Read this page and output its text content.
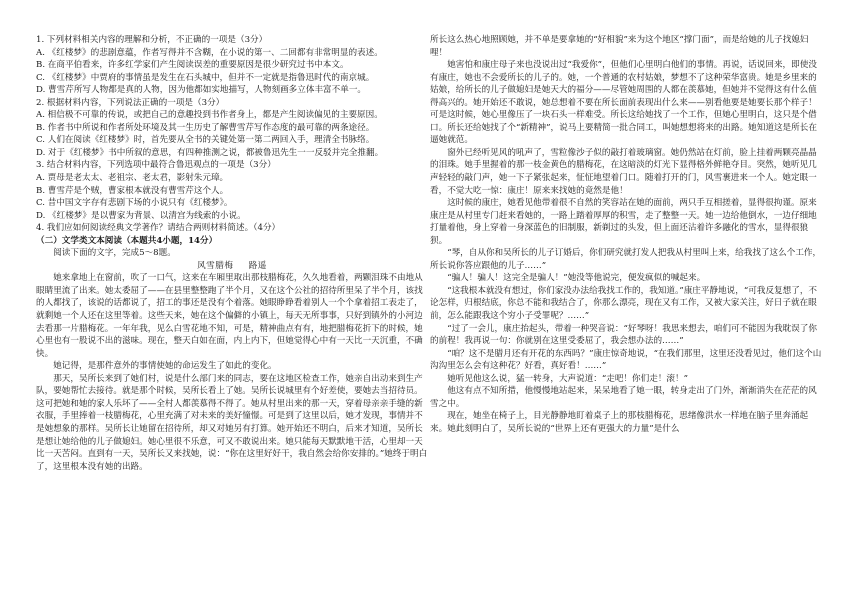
1. 下列材料相关内容的理解和分析，不正确的一项是（3分）

A. 《红楼梦》的悲剧意蕴，作者写得并不含糊，在小说的第一、二回都有非常明显的表述。

B. 在商平伯看来，许多红学家们产生阅读误差的重要原因是很少研究过书中本文。

C. 《红楼梦》中贾府的事情虽是发生在石头城中，但并不一定就是指鲁迅时代的南京城。

D. 曹雪芹所写人物都是真的人物，因为他都如实地描写，人物刻画多立体丰富不单一。

2. 根据材料内容，下列说法正确的一项是（3分）

A. 相信极不可靠的传说，或把自己的意趣投到书作者身上，都是产生阅读偏见的主要原因。

B. 作者书中所说和作者所处环境及其一生历史了解曹雪芹写作态度的最可靠的两条途径。

C. 人们在阅读《红楼梦》时，首先要从全书的关键处第一第二两回入手，理清全书脉络。

D. 对于《红楼梦》书中所叙的意思，有四种推测之说，都被鲁迅先生一一反驳并完全推翻。

3. 结合材料内容，下列选项中最符合鲁迅观点的一项是（3分）

A. 贾母是老太太、老祖宗、老太君，影射朱元璋。

B. 曹雪芹是个贼，曹家根本就没有曹雪芹这个人。

C. 昔中国文字存有悲剧下场的小说只有《红楼梦》。

D. 《红楼梦》是以曹家为背景、以清宫为线索的小说。

4. 我们应如何阅读经典文学著作？请结合两则材料简述。（4分）

（二）文学类文本阅读（本题共4小题，14分）

阅读下面的文字，完成5～8题。

风雪腊梅 路遥

她来拿地上在窗前，吹了一口气，这来在车厢里取出那枝腊梅花，久久地看着，两颗泪珠不由地从眼睛里流了出来。她太委屈了——在县里整整跑了半个月，又在这个公社的招待所里呆了半个月，该找的人都找了，该说的话都说了，招工的事还是没有个着落。她眼睁睁看着别人一个个拿着招工表走了，就剩她一个人还在这里等着。这些天来，她在这个偏僻的小镇上，每天无所事事，只好到镇外的小河边去看那一片腊梅花。一年年我，见么白雪花地不知，可是，精神曲点有有，地把腊梅花折下的时候，她心里也有一股说不出的滋味。现在，整天白如在面，内上内下，但她觉得心中有一天比一天沉重，不确快。

她记得，是那件意外的事情使她的命运发生了如此的变化。

那天，吴所长来到了她们村，说是什么部门来的同志，要在这地区检查工作，她亲自出动来到生产队，要她帮忙去接待。就是那个时候，吴所长看上了她。吴所长说城里有个好差使，要她去当招待员。这可把她和她的家人乐坏了——全村人都羡慕得不得了。她从村里出来的那一天，穿着母亲亲手缝的新衣服，手里捧着一枝腊梅花，心里充满了对未来的美好憧憬。可是到了这里以后，她才发现，事情并不是她想象的那样。吴所长让她留在招待所，却又对她另有打算。她开始还不明白，后来才知道，吴所长是想让她给他的儿子做媳妇。她心里很不乐意，可又不敢说出来。她只能每天默默地干活，心里却一天比一天苦闷。直到有一天，吴所长又来找她，说：“你在这里好好干，我自然会给你安排的。”她终于明白了，这里根本没有她的出路。

所长这么热心地照顾她，并不单是要拿她的“好相貌”来为这个地区“撑门面”，而是给她的儿子找媳妇哩！

她害怕和康庄母子来也没说出过“我爱你”，但他们心里明白他们的事情。再说，话说回来，即使没有康庄，她也不会爱所长的儿子的。她，一个普通的农村姑娘，梦想不了这种荣华富贵。她是乡里来的姑娘，给所长的儿子做媳妇是她天大的福分——尽管她周围的人都在羡慕她，但她并不觉得这有什么值得高兴的。她开始还不敢说，她总想着不要在所长面前表现出什么来——别看他要是她要长那个样子！可是这时候，她心里像压了一块石头一样难受。所长这给她找了一个工作，但她心里明白，这只是个借口。所长还给她找了个“新精神”，说马上要精简一批合同工，叫她想想将来的出路。她知道这是所长在逼她就范。

窗外已经听见风的吼声了，雪粒像沙子似的敲打着玻璃窗。她仍然站在灯前，脸上挂着两颗亮晶晶的泪珠。她手里握着的那一枝金黄色的腊梅花，在这暗淡的灯光下显得格外鲜艳夺目。突然，她听见几声轻轻的敲门声，她一下子紧张起来，怔怔地望着门口。随着打开的门，风雪裹进来一个人。她定眼一看，不觉大吃一惊：康庄！原来来找她的竟然是他！

这时候的康庄，她看见他带着很不自然的笑容站在她的面前，两只手互相搓着，显得很拘谨。原来康庄是从村里专门赶来看她的，一路上踏着厚厚的积雪，走了整整一天。她一边给他倒水，一边仔细地打量着他，身上穿着一身深蓝色的旧制服，新剃过的头发，但上面还沾着许多融化的雪水，显得很狼狈。

“琴，自从你和吴所长的儿子订婚后，你们研究就打发人把我从村里叫上来，给我找了这么个工作，所长说你答应跟他的儿子……”

“骗人！骗人！这完全是骗人！”她没等他说完，便发疯似的喊起来。

“这我根本就没有想过，你们家没办法给我找工作的，我知道。”康庄平静地说，“可我反复想了，不论怎样，归根结底，你总不能和我结合了，你那么漂亮，现在又有工作，又被大家关注，好日子就在眼前，怎么能跟我这个穷小子受罪呢？……”

“过了一会儿，康庄抬起头，带着一种哭音说：“好琴呀！我思来想去，咱们可不能因为我耽误了你的前程！我再说一句：你就别在这里受委屈了，我会想办法的……”

“咱？这不是腊月还有开花的东西吗？”康庄惊奇地说，“在我们那里，这里还没看见过，他们这个山沟沟里怎么会有这种花？好看，真好看！……”

她听见他这么说，猛一转身，大声说道：“走吧！你们走！滚！”

他这有点不知所措，他慢慢地站起来，呆呆地看了她一眼，转身走出了门外，渐渐消失在茫茫的风雪之中。

现在，她坐在椅子上，目光静静地盯着桌子上的那枝腊梅花，思绪像洪水一样地在脑子里奔涌起来。她此刻明白了，吴所长说的“世界上还有更强大的力量”是什么
